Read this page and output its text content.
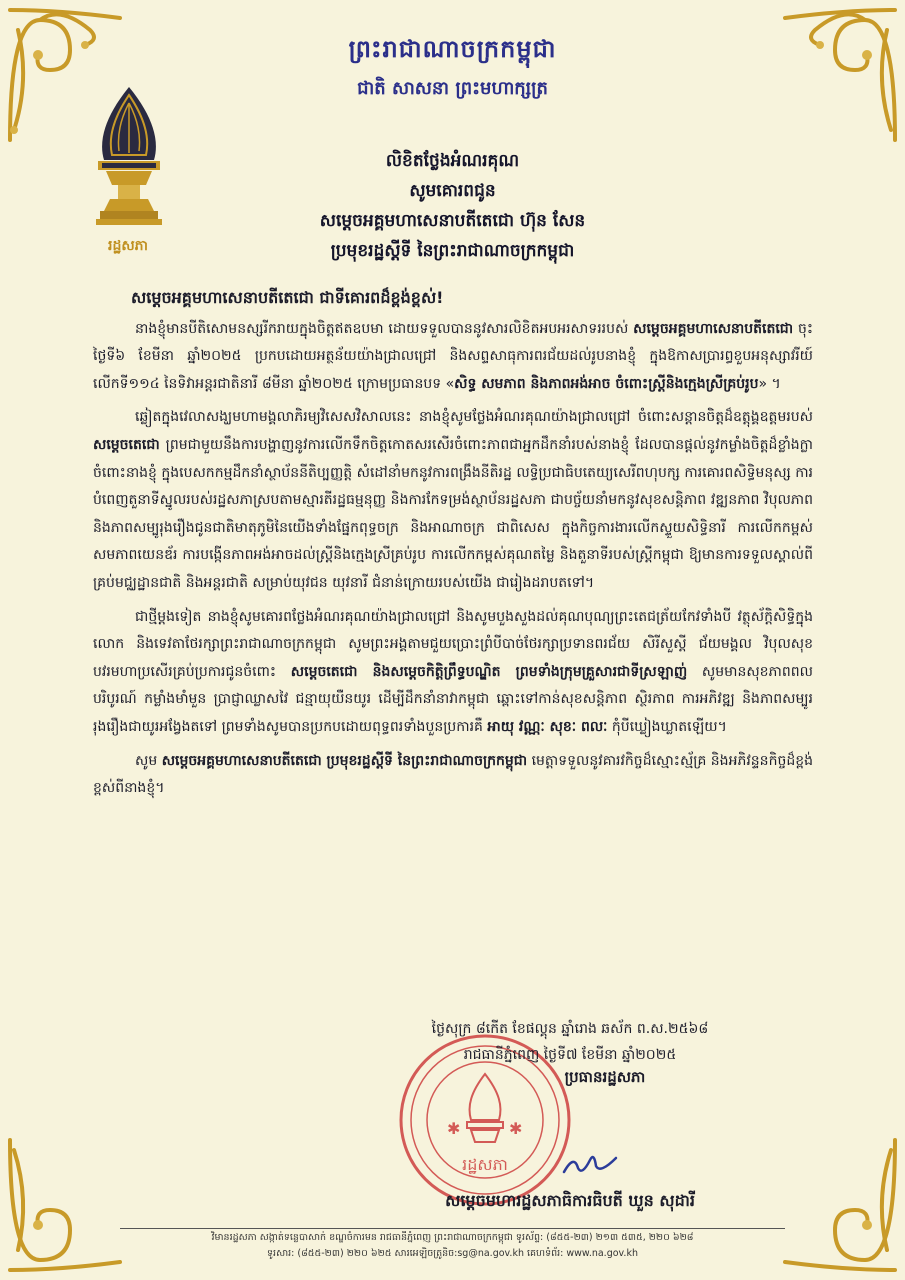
ព្រះរាជាណាចក្រកម្ពុជា
ជាតិ សាសនា ព្រះមហាក្សត្រ
រដ្ឋសភា
លិខិតថ្លែងអំណរគុណ
សូមគោរពជូន
សម្ដេចអគ្គមហាសេនាបតីតេជោ ហ៊ុន សែន
ប្រមុខរដ្ឋស្ដីទី នៃព្រះរាជាណាចក្រកម្ពុជា
សម្ដេចអគ្គមហាសេនាបតីតេជោ ជាទីគោរពដ៏ខ្ពង់ខ្ពស់!

នាងខ្ញុំមានបីតិសោមនស្សរីករាយក្នុងចិត្តឥតឧបមា ដោយទទួលបាននូវសារលិខិតអបអរសាទររបស់ សម្ដេចអគ្គមហាសេនាបតីតេជោ ចុះថ្ងៃទី៦ ខែមីនា ឆ្នាំ២០២៥ ប្រកបដោយអត្ថន័យយ៉ាងជ្រាលជ្រៅ និងសព្ទសាធុការពរជ័យដល់រូបនាងខ្ញុំ ក្នុងឱកាសប្រារព្ធខួបអនុស្សាវរីយ៍ លើកទី១១៤ នៃទិវាអន្តរជាតិនារី ៨មីនា ឆ្នាំ២០២៥ ក្រោមប្រធានបទ «សិទ្ធ សមភាព និងភាពអង់អាច ចំពោះស្ត្រីនិងក្មេងស្រីគ្រប់រូប» ។

ឆ្លៀតក្នុងវេលាសង្ឃមហាមង្គលាភិរម្យវិសេសវិសាលនេះ នាងខ្ញុំសូមថ្លែងអំណរគុណយ៉ាងជ្រាលជ្រៅ ចំពោះសន្ដានចិត្តដ៏ឧត្តុង្គឧត្តមរបស់ សម្ដេចតេជោ ព្រមជាមួយនឹងការបង្ហាញនូវការលើកទឹកចិត្តកោតសរសើរចំពោះភាពជាអ្នកដឹកនាំរបស់នាងខ្ញុំ ដែលបានផ្ដល់នូវកម្លាំងចិត្តដ៏ខ្លាំងក្លាចំពោះនាងខ្ញុំ ក្នុងបេសកកម្មដឹកនាំស្ថាប័ននីតិប្បញ្ញត្តិ សំដៅនាំមកនូវការពង្រឹងនីតិរដ្ឋ លទ្ធិប្រជាធិបតេយ្យសេរីពហុបក្ស ការគោរពសិទ្ធិមនុស្ស ការបំពេញតួនាទីស្នូលរបស់រដ្ឋសភាស្របតាមស្មារតីរដ្ឋធម្មនុញ្ញ និងការកែទម្រង់ស្ថាប័នរដ្ឋសភា ជាបច្ច័យនាំមកនូវសុខសន្តិភាព វឌ្ឍនភាព វិបុលភាព និងភាពសម្បូរុងរឿងជូនជាតិមាតុភូមិនៃយើងទាំងផ្នែកពុទ្ធចក្រ និងអាណាចក្រ ជាពិសេស ក្នុងកិច្ចការងារលើកស្ទួយសិទ្ធិនារី ការលើកកម្ពស់សមភាពយេនឌ័រ ការបង្កើនភាពអង់អាចដល់ស្ត្រីនិងក្មេងស្រីគ្រប់រូប ការលើកកម្ពស់គុណតម្លៃ និងតួនាទីរបស់ស្ត្រីកម្ពុជា ឱ្យមានការទទួលស្គាល់ពីគ្រប់មជ្ឈដ្ឋានជាតិ និងអន្តរជាតិ សម្រាប់យុវជន យុវនារី ជំនាន់ក្រោយរបស់យើង ជារៀងដរាបតទៅ។

ជាថ្មីម្ដងទៀត នាងខ្ញុំសូមគោរពថ្លែងអំណរគុណយ៉ាងជ្រាលជ្រៅ និងសូមបួងសួងដល់គុណបុណ្យព្រះតេជត្រ័យកែវទាំងបី វត្ថុស័ក្តិសិទ្ធិក្នុងលោក និងទេវតាថែរក្សាព្រះរាជាណាចក្រកម្ពុជា សូមព្រះអង្គតាមជួយប្រោះព្រំបីបាច់ថែរក្សាប្រទានពរជ័យ សិរីសួស្ដី ជ័យមង្គល វិបុលសុខ បវរមហាប្រសើរគ្រប់ប្រការជូនចំពោះ សម្ដេចតេជោ និងសម្ដេចកិត្តិព្រឹទ្ធបណ្ឌិត ព្រមទាំងក្រុមគ្រួសារជាទីស្រឡាញ់ សូមមានសុខភាពពលបរិបូរណ៍ កម្លាំងមាំមួន ប្រាជ្ញាឈ្លាសវៃ ជន្មាយុយឺនយូរ ដើម្បីដឹកនាំនាវាកម្ពុជា ឆ្ពោះទៅកាន់សុខសន្តិភាព ស្ថិរភាព ការអភិវឌ្ឍ និងភាពសម្បូររុងរឿងជាយូរអង្វែងតទៅ ព្រមទាំងសូមបានប្រកបដោយពុទ្ធពរទាំងបួនប្រការគឺ អាយុ វណ្ណៈ សុខៈ ពលៈ កុំបីឃ្លៀងឃ្លាតឡើយ។

សូម សម្ដេចអគ្គមហាសេនាបតីតេជោ ប្រមុខរដ្ឋស្ដីទី នៃព្រះរាជាណាចក្រកម្ពុជា មេត្តាទទួលនូវគារវកិច្ចដ៏ស្មោះស្ម័គ្រ និងអភិវន្ទនកិច្ចដ៏ខ្ពង់ខ្ពស់ពីនាងខ្ញុំ។

✱	✱
រដ្ឋសភា
ថ្ងៃសុក្រ ៨កើត ខែផល្គុន ឆ្នាំរោង ឆស័ក ព.ស.២៥៦៨
រាជធានីភ្នំពេញ ថ្ងៃទី៧ ខែមីនា ឆ្នាំ២០២៥
ប្រធានរដ្ឋសភា
សម្ដេចមហារដ្ឋសភាធិការធិបតី ឃួន សុដារី
វិមានរដ្ឋសភា សង្កាត់ទន្លេបាសាក់ ខណ្ឌចំការមន រាជធានីភ្នំពេញ ព្រះរាជាណាចក្រកម្ពុជា ទូរស័ព្ទ: (៨៥៥-២៣) ២១៣ ៥៣៥, ២២០ ៦២៨
ទូរសារ: (៨៥៥-២៣) ២២០ ៦២៥ សារអេឡិចត្រូនិច:sg@na.gov.kh គេហទំព័រ: www.na.gov.kh
